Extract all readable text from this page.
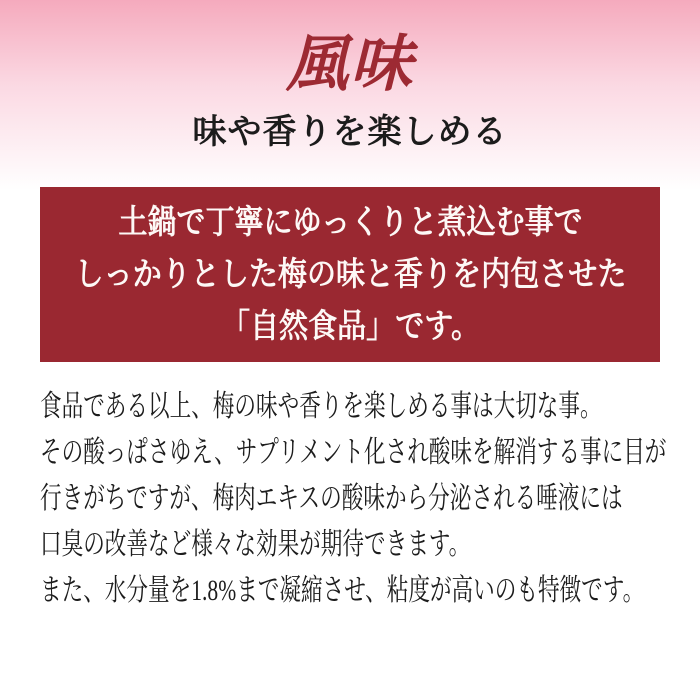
風味
味や香りを楽しめる
土鍋で丁寧にゆっくりと煮込む事で
しっかりとした梅の味と香りを内包させた
「自然食品」です。
食品である以上、梅の味や香りを楽しめる事は大切な事。
その酸っぱさゆえ、サプリメント化され酸味を解消する事に目が
行きがちですが、梅肉エキスの酸味から分泌される唾液には
口臭の改善など様々な効果が期待できます。
また、水分量を1.8%まで凝縮させ、粘度が高いのも特徴です。
